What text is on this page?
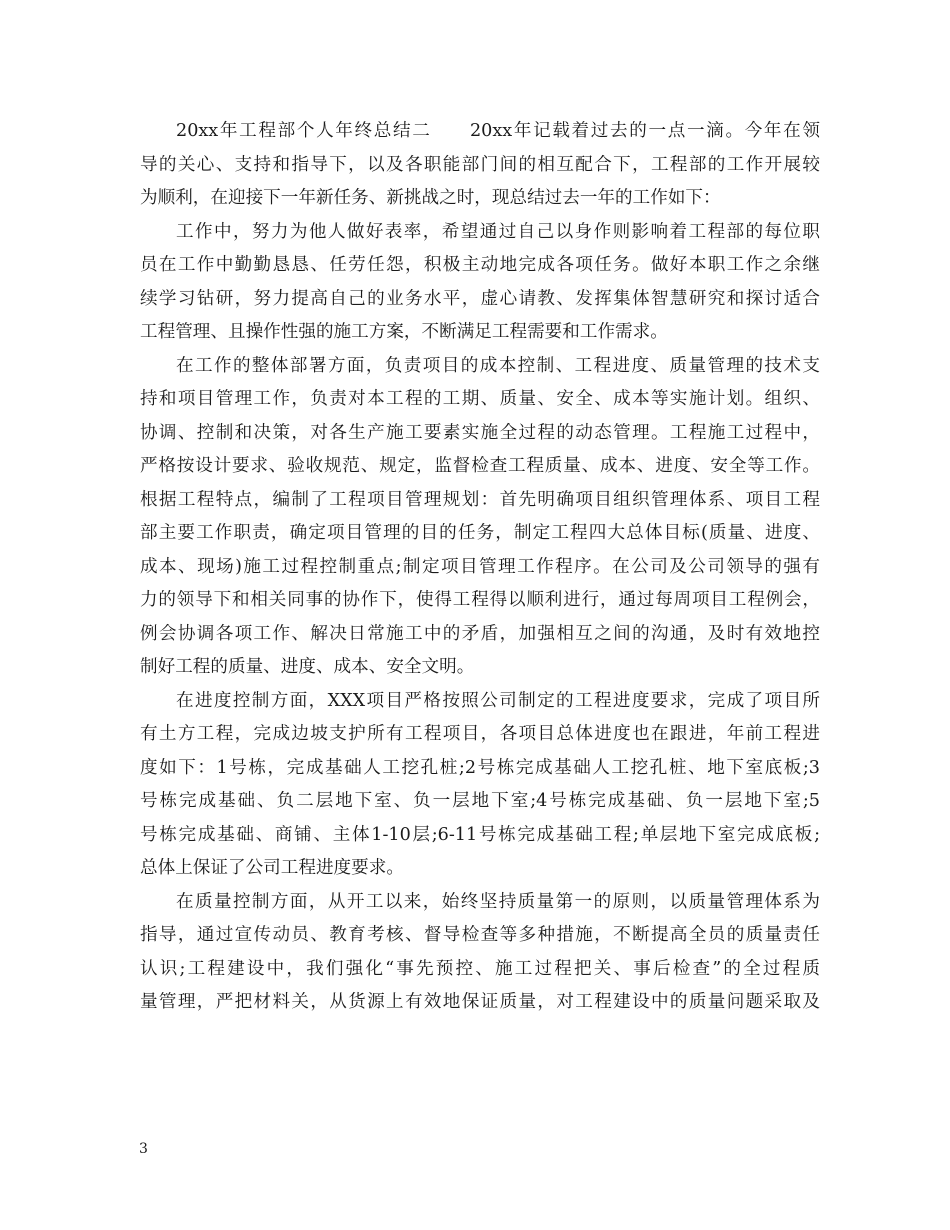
20xx年工程部个人年终总结二　　20xx年记载着过去的一点一滴。今年在领
导的关心、支持和指导下，以及各职能部门间的相互配合下，工程部的工作开展较
为顺利，在迎接下一年新任务、新挑战之时，现总结过去一年的工作如下：
工作中，努力为他人做好表率，希望通过自己以身作则影响着工程部的每位职
员在工作中勤勤恳恳、任劳任怨，积极主动地完成各项任务。做好本职工作之余继
续学习钻研，努力提高自己的业务水平，虚心请教、发挥集体智慧研究和探讨适合
工程管理、且操作性强的施工方案，不断满足工程需要和工作需求。
在工作的整体部署方面，负责项目的成本控制、工程进度、质量管理的技术支
持和项目管理工作，负责对本工程的工期、质量、安全、成本等实施计划。组织、
协调、控制和决策，对各生产施工要素实施全过程的动态管理。工程施工过程中，
严格按设计要求、验收规范、规定，监督检查工程质量、成本、进度、安全等工作。
根据工程特点，编制了工程项目管理规划：首先明确项目组织管理体系、项目工程
部主要工作职责，确定项目管理的目的任务，制定工程四大总体目标(质量、进度、
成本、现场)施工过程控制重点;制定项目管理工作程序。在公司及公司领导的强有
力的领导下和相关同事的协作下，使得工程得以顺利进行，通过每周项目工程例会，
例会协调各项工作、解决日常施工中的矛盾，加强相互之间的沟通，及时有效地控
制好工程的质量、进度、成本、安全文明。
在进度控制方面，XXX项目严格按照公司制定的工程进度要求，完成了项目所
有土方工程，完成边坡支护所有工程项目，各项目总体进度也在跟进，年前工程进
度如下：1号栋，完成基础人工挖孔桩;2号栋完成基础人工挖孔桩、地下室底板;3
号栋完成基础、负二层地下室、负一层地下室;4号栋完成基础、负一层地下室;5
号栋完成基础、商铺、主体1-10层;6-11号栋完成基础工程;单层地下室完成底板;
总体上保证了公司工程进度要求。
在质量控制方面，从开工以来，始终坚持质量第一的原则，以质量管理体系为
指导，通过宣传动员、教育考核、督导检查等多种措施，不断提高全员的质量责任
认识;工程建设中，我们强化“事先预控、施工过程把关、事后检查”的全过程质
量管理，严把材料关，从货源上有效地保证质量，对工程建设中的质量问题采取及
3
